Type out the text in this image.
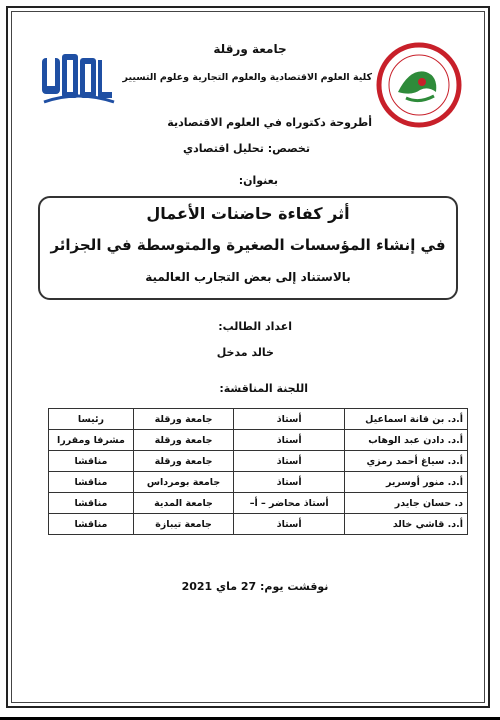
جامعة ورقلة
كلية العلوم الاقتصادية والعلوم التجارية وعلوم التسيير
أطروحة دكتوراه في العلوم الاقتصادية
تخصص: تحليل اقتصادي
بعنوان:
أثر كفاءة حاضنات الأعمال
في إنشاء المؤسسات الصغيرة والمتوسطة في الجزائر
بالاستناد إلى بعض التجارب العالمية
اعداد الطالب:
خالد مدخل
اللجنة المناقشة:
أ.د. بن قانة اسماعيل	أستاذ	جامعة ورقلة	رئيسا
أ.د. دادن عبد الوهاب	أستاذ	جامعة ورقلة	مشرفا ومقررا
أ.د. سياغ أحمد رمزي	أستاذ	جامعة ورقلة	مناقشا
أ.د. منور أوسرير	أستاذ	جامعة بومرداس	مناقشا
د. حسان جايدر	أستاذ محاضر – أ–	جامعة المدية	مناقشا
أ.د. قاشي خالد	أستاذ	جامعة تيبازة	مناقشا
نوقشت يوم: 27 ماي 2021
